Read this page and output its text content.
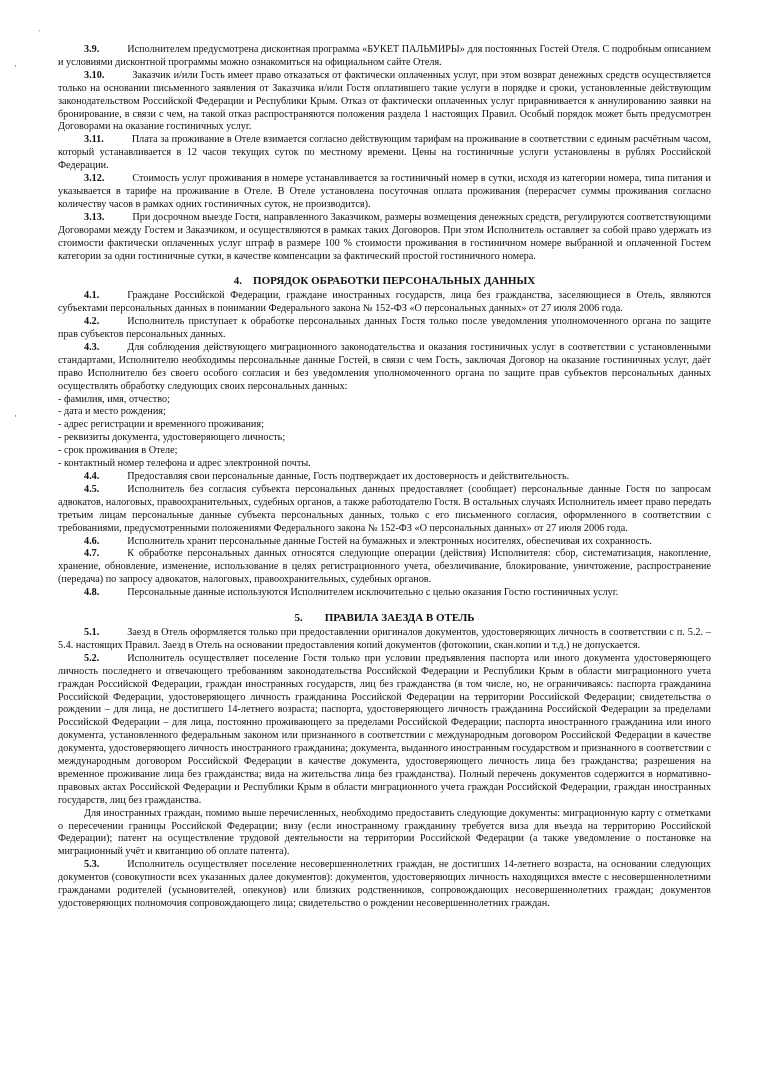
`
·
·

3.9.	Исполнителем предусмотрена дисконтная программа «БУКЕТ ПАЛЬМИРЫ» для постоянных Гостей Отеля. С подробным описанием и условиями дисконтной программы можно ознакомиться на официальном сайте Отеля.

3.10.	Заказчик и/или Гость имеет право отказаться от фактически оплаченных услуг, при этом возврат денежных средств осуществляется только на основании письменного заявления от Заказчика и/или Гостя оплатившего такие услуги в порядке и сроки, установленные действующим законодательством Российской Федерации и Республики Крым. Отказ от фактически оплаченных услуг приравнивается к аннулированию заявки на бронирование, в связи с чем, на такой отказ распространяются положения раздела 1 настоящих Правил. Особый порядок может быть предусмотрен Договорами на оказание гостиничных услуг.

3.11.	Плата за проживание в Отеле взимается согласно действующим тарифам на проживание в соответствии с единым расчётным часом, который устанавливается в 12 часов текущих суток по местному времени. Цены на гостиничные услуги установлены в рублях Российской Федерации.

3.12.	Стоимость услуг проживания в номере устанавливается за гостиничный номер в сутки, исходя из категории номера, типа питания и указывается в тарифе на проживание в Отеле. В Отеле установлена посуточная оплата проживания (перерасчет суммы проживания согласно количеству часов в рамках одних гостиничных суток, не производится).

3.13.	При досрочном выезде Гостя, направленного Заказчиком, размеры возмещения денежных средств, регулируются соответствующими Договорами между Гостем и Заказчиком, и осуществляются в рамках таких Договоров. При этом Исполнитель оставляет за собой право удержать из стоимости фактически оплаченных услуг штраф в размере 100 % стоимости проживания в гостиничном номере выбранной и оплаченной Гостем категории за одни гостиничные сутки, в качестве компенсации за фактический простой гостиничного номера.

4.    ПОРЯДОК ОБРАБОТКИ ПЕРСОНАЛЬНЫХ ДАННЫХ

4.1.	Граждане Российской Федерации, граждане иностранных государств, лица без гражданства, заселяющиеся в Отель, являются субъектами персональных данных в понимании Федерального закона № 152-ФЗ «О персональных данных» от 27 июля 2006 года.

4.2.	Исполнитель приступает к обработке персональных данных Гостя только после уведомления уполномоченного органа по защите прав субъектов персональных данных.

4.3.	Для соблюдения действующего миграционного законодательства и оказания гостиничных услуг в соответствии с установленными стандартами, Исполнителю необходимы персональные данные Гостей, в связи с чем Гость, заключая Договор на оказание гостиничных услуг, даёт право Исполнителю без своего особого согласия и без уведомления уполномоченного органа по защите прав субъектов персональных данных осуществлять обработку следующих своих персональных данных:

- фамилия, имя, отчество;

- дата и место рождения;

- адрес регистрации и временного проживания;

- реквизиты документа, удостоверяющего личность;

- срок проживания в Отеле;

- контактный номер телефона и адрес электронной почты.

4.4.	Предоставляя свои персональные данные, Гость подтверждает их достоверность и действительность.

4.5.	Исполнитель без согласия субъекта персональных данных предоставляет (сообщает) персональные данные Гостя по запросам адвокатов, налоговых, правоохранительных, судебных органов, а также работодателю Гостя. В остальных случаях Исполнитель имеет право передать третьим лицам персональные данные субъекта персональных данных, только с его письменного согласия, оформленного в соответствии с требованиями, предусмотренными положениями Федерального закона № 152-ФЗ «О персональных данных» от 27 июля 2006 года.

4.6.	Исполнитель хранит персональные данные Гостей на бумажных и электронных носителях, обеспечивая их сохранность.

4.7.	К обработке персональных данных относятся следующие операции (действия) Исполнителя: сбор, систематизация, накопление, хранение, обновление, изменение, использование в целях регистрационного учета, обезличивание, блокирование, уничтожение, распространение (передача) по запросу адвокатов, налоговых, правоохранительных, судебных органов.

4.8.	Персональные данные используются Исполнителем исключительно с целью оказания Гостю гостиничных услуг.

5.        ПРАВИЛА ЗАЕЗДА В ОТЕЛЬ

5.1.	Заезд в Отель оформляется только при предоставлении оригиналов документов, удостоверяющих личность в соответствии с п. 5.2. – 5.4. настоящих Правил. Заезд в Отель на основании предоставления копий документов (фотокопии, скан.копии и т.д.) не допускается.

5.2.	Исполнитель осуществляет поселение Гостя только при условии предъявления паспорта или иного документа удостоверяющего личность последнего и отвечающего требованиям законодательства Российской Федерации и Республики Крым в области миграционного учета граждан Российской Федерации, граждан иностранных государств, лиц без гражданства (в том числе, но, не ограничиваясь: паспорта гражданина Российской Федерации, удостоверяющего личность гражданина Российской Федерации на территории Российской Федерации; свидетельства о рождении – для лица, не достигшего 14-летнего возраста; паспорта, удостоверяющего личность гражданина Российской Федерации за пределами Российской Федерации – для лица, постоянно проживающего за пределами Российской Федерации; паспорта иностранного гражданина или иного документа, установленного федеральным законом или признанного в соответствии с международным договором Российской Федерации в качестве документа, удостоверяющего личность иностранного гражданина; документа, выданного иностранным государством и признанного в соответствии с международным договором Российской Федерации в качестве документа, удостоверяющего личность лица без гражданства; разрешения на временное проживание лица без гражданства; вида на жительства лица без гражданства). Полный перечень документов содержится в нормативно-правовых актах Российской Федерации и Республики Крым в области миграционного учета граждан Российской Федерации, граждан иностранных государств, лиц без гражданства.

Для иностранных граждан, помимо выше перечисленных, необходимо предоставить следующие документы: миграционную карту с отметками о пересечении границы Российской Федерации; визу (если иностранному гражданину требуется виза для въезда на территорию Российской Федерации); патент на осуществление трудовой деятельности на территории Российской Федерации (а также уведомление о постановке на миграционный учёт и квитанцию об оплате патента).

5.3.	Исполнитель осуществляет поселение несовершеннолетних граждан, не достигших 14-летнего возраста, на основании следующих документов (совокупности всех указанных далее документов): документов, удостоверяющих личность находящихся вместе с несовершеннолетними гражданами родителей (усыновителей, опекунов) или близких родственников, сопровождающих несовершеннолетних граждан; документов удостоверяющих полномочия сопровождающего лица; свидетельство о рождении несовершеннолетних граждан.
